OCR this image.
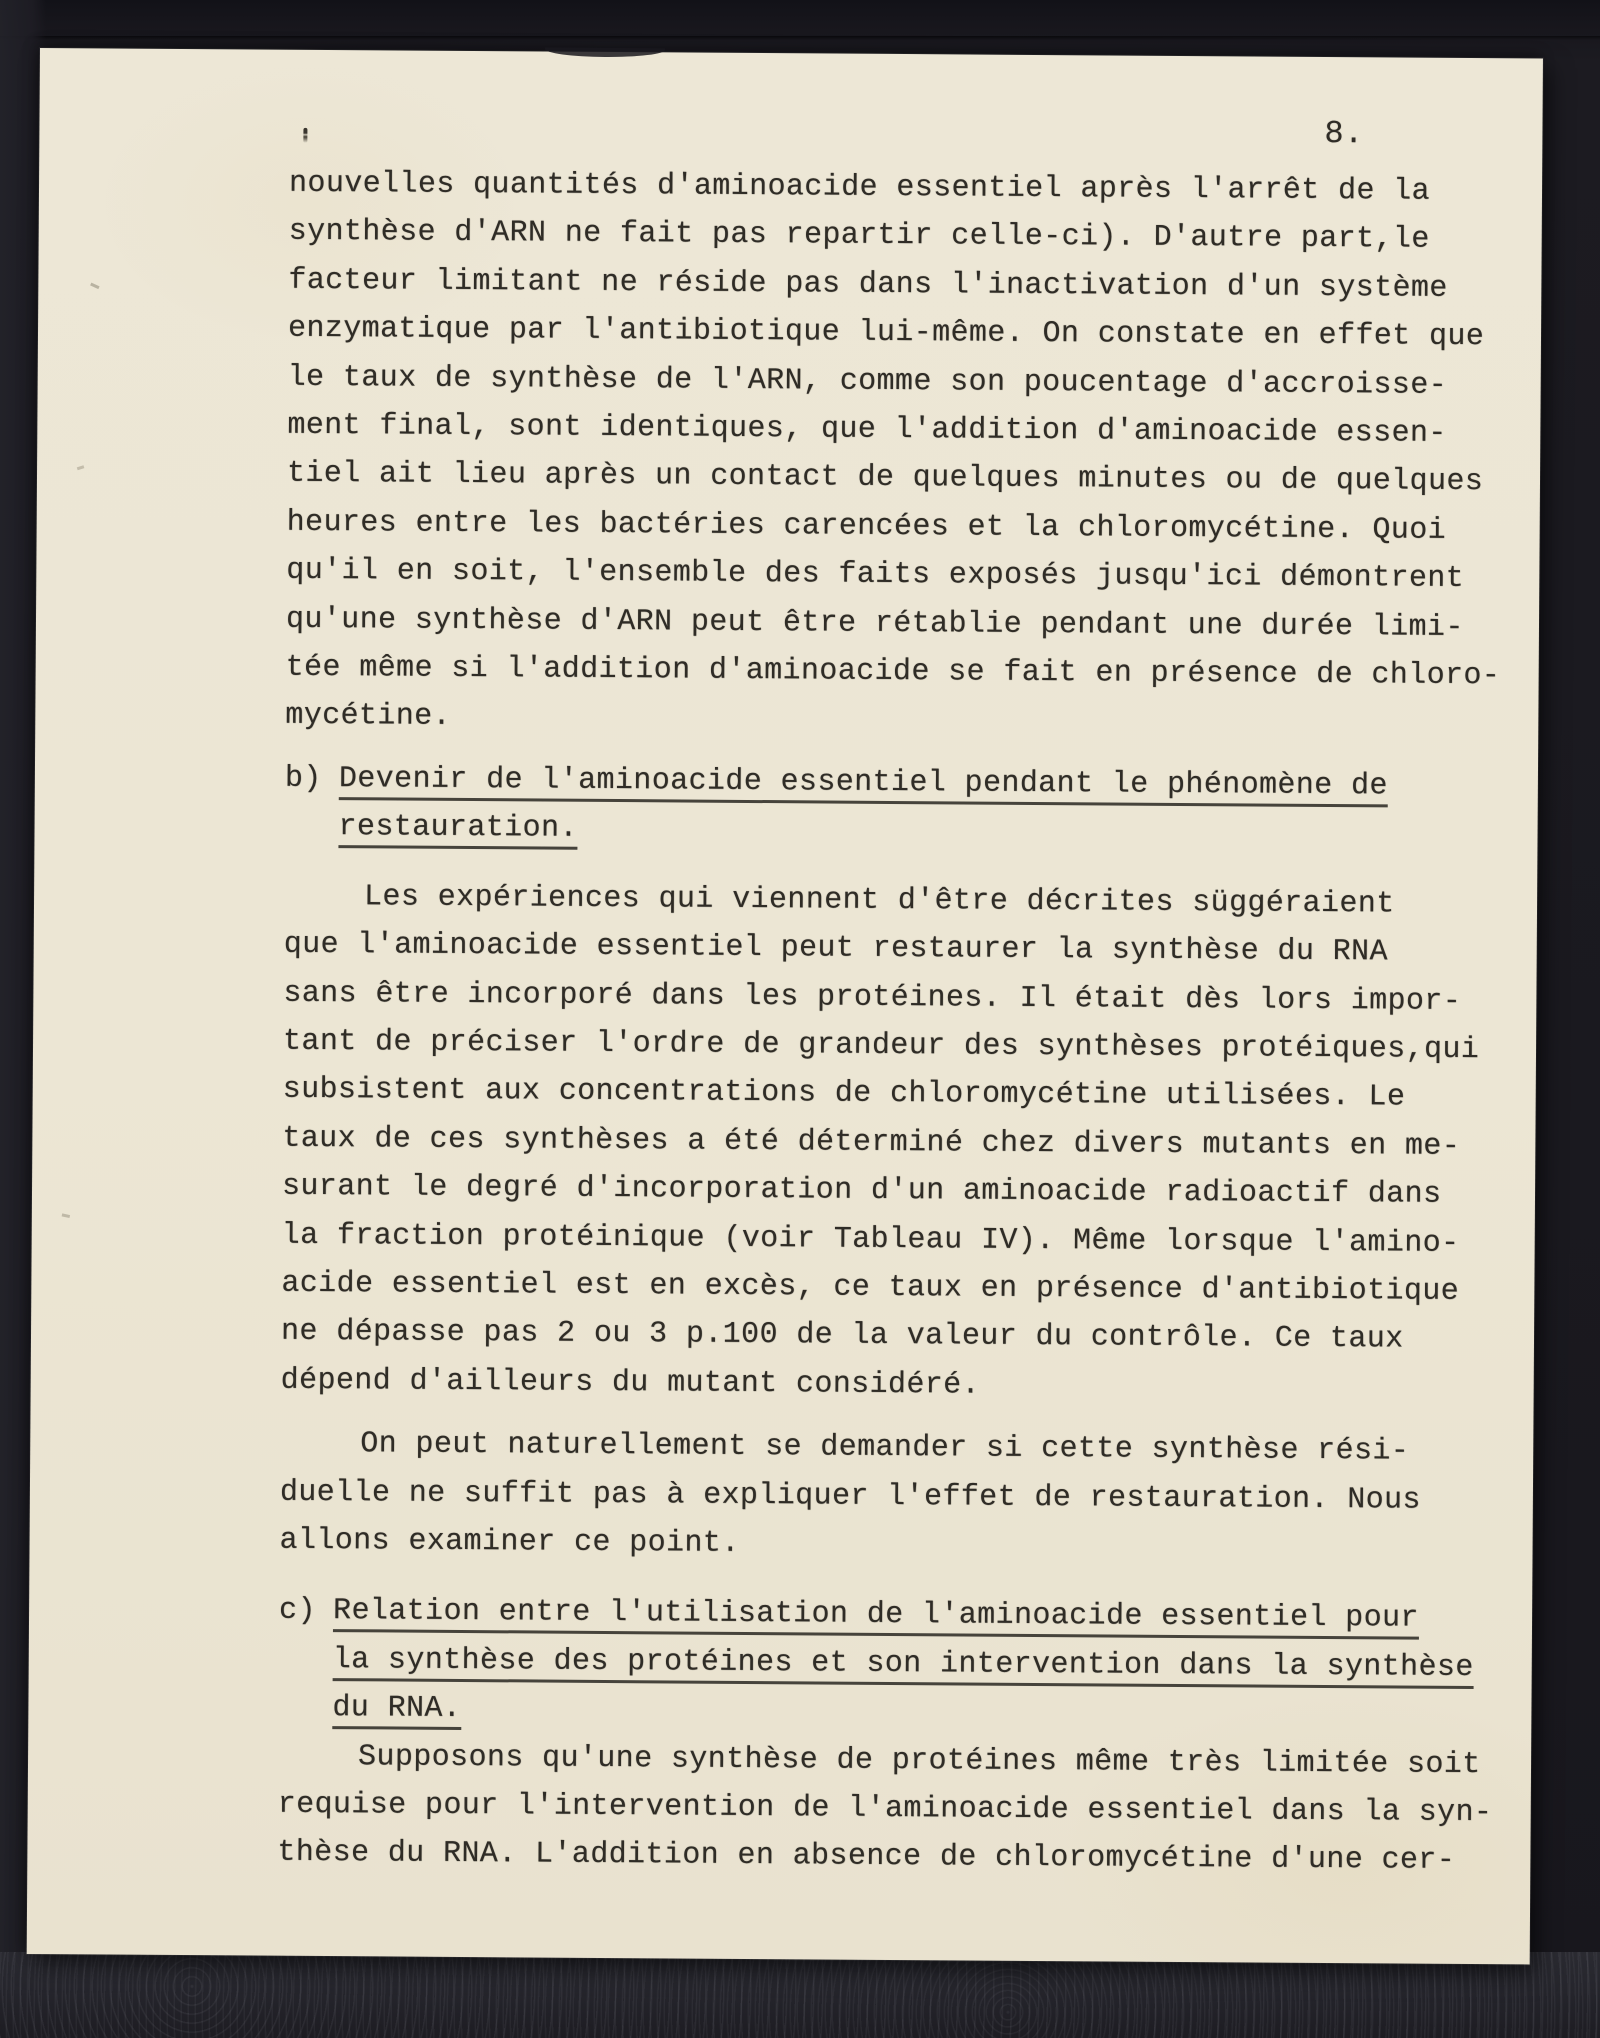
8.
nouvelles quantités d'aminoacide essentiel après l'arrêt de la
synthèse d'ARN ne fait pas repartir celle-ci). D'autre part,le
facteur limitant ne réside pas dans l'inactivation d'un système
enzymatique par l'antibiotique lui-même. On constate en effet que
le taux de synthèse de l'ARN, comme son poucentage d'accroisse-
ment final, sont identiques, que l'addition d'aminoacide essen-
tiel ait lieu après un contact de quelques minutes ou de quelques
heures entre les bactéries carencées et la chloromycétine. Quoi
qu'il en soit, l'ensemble des faits exposés jusqu'ici démontrent
qu'une synthèse d'ARN peut être rétablie pendant une durée limi-
tée même si l'addition d'aminoacide se fait en présence de chloro-
mycétine.
b) Devenir de l'aminoacide essentiel pendant le phénomène de
restauration.
Les expériences qui viennent d'être décrites süggéraient
que l'aminoacide essentiel peut restaurer la synthèse du RNA
sans être incorporé dans les protéines. Il était dès lors impor-
tant de préciser l'ordre de grandeur des synthèses protéiques,qui
subsistent aux concentrations de chloromycétine utilisées. Le
taux de ces synthèses a été déterminé chez divers mutants en me-
surant le degré d'incorporation d'un aminoacide radioactif dans
la fraction protéinique (voir Tableau IV). Même lorsque l'amino-
acide essentiel est en excès, ce taux en présence d'antibiotique
ne dépasse pas 2 ou 3 p.100 de la valeur du contrôle. Ce taux
dépend d'ailleurs du mutant considéré.
On peut naturellement se demander si cette synthèse rési-
duelle ne suffit pas à expliquer l'effet de restauration. Nous
allons examiner ce point.
c) Relation entre l'utilisation de l'aminoacide essentiel pour
la synthèse des protéines et son intervention dans la synthèse
du RNA.
Supposons qu'une synthèse de protéines même très limitée soit
requise pour l'intervention de l'aminoacide essentiel dans la syn-
thèse du RNA. L'addition en absence de chloromycétine d'une cer-
